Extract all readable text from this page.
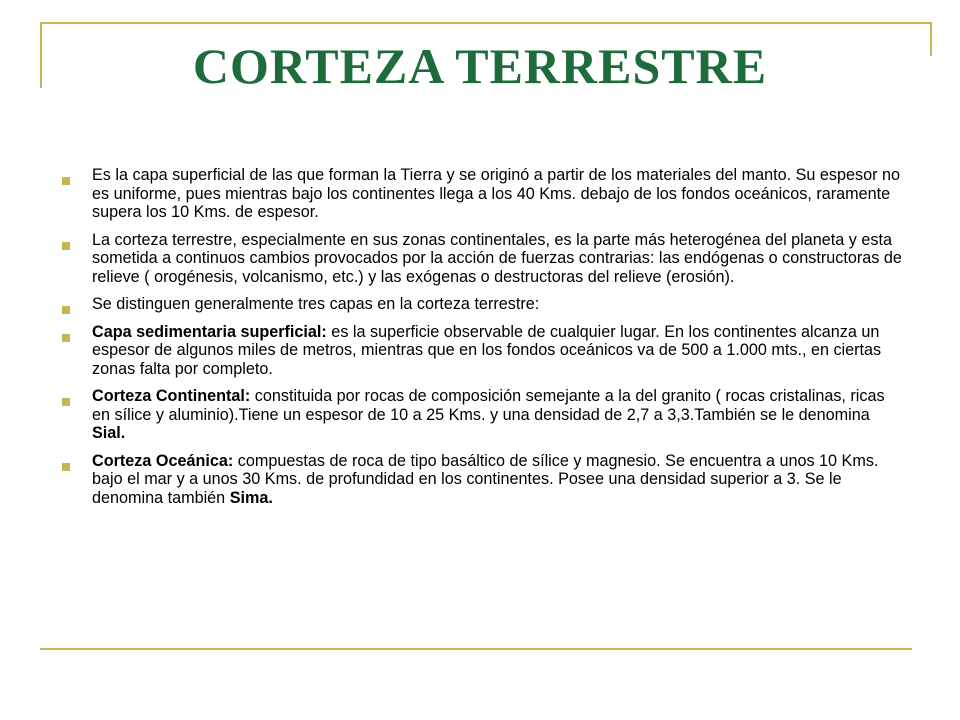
CORTEZA TERRESTRE
Es la capa superficial de las que forman la Tierra y se originó a partir de los materiales del manto. Su espesor no es uniforme, pues mientras bajo los continentes llega a los 40 Kms. debajo de los fondos oceánicos, raramente supera los 10 Kms. de espesor.
La corteza terrestre, especialmente en sus zonas continentales, es la parte más heterogénea del planeta y esta sometida a continuos cambios provocados por la acción de fuerzas contrarias: las endógenas o constructoras de relieve ( orogénesis, volcanismo, etc.) y las exógenas o destructoras del relieve (erosión).
Se distinguen generalmente tres capas en la corteza terrestre:
Capa sedimentaria superficial: es la superficie observable de cualquier lugar. En los continentes alcanza un espesor de algunos miles de metros, mientras que en los fondos oceánicos va de 500 a 1.000 mts., en ciertas zonas falta por completo.
Corteza Continental: constituida por rocas de composición semejante a la del granito ( rocas cristalinas, ricas en sílice y aluminio).Tiene un espesor de 10 a 25 Kms. y una densidad de 2,7 a 3,3.También se le denomina Sial.
Corteza Oceánica: compuestas de roca de tipo basáltico de sílice y magnesio. Se encuentra a unos 10 Kms. bajo el mar y a unos 30 Kms. de profundidad en los continentes. Posee una densidad superior a 3. Se le denomina también Sima.
